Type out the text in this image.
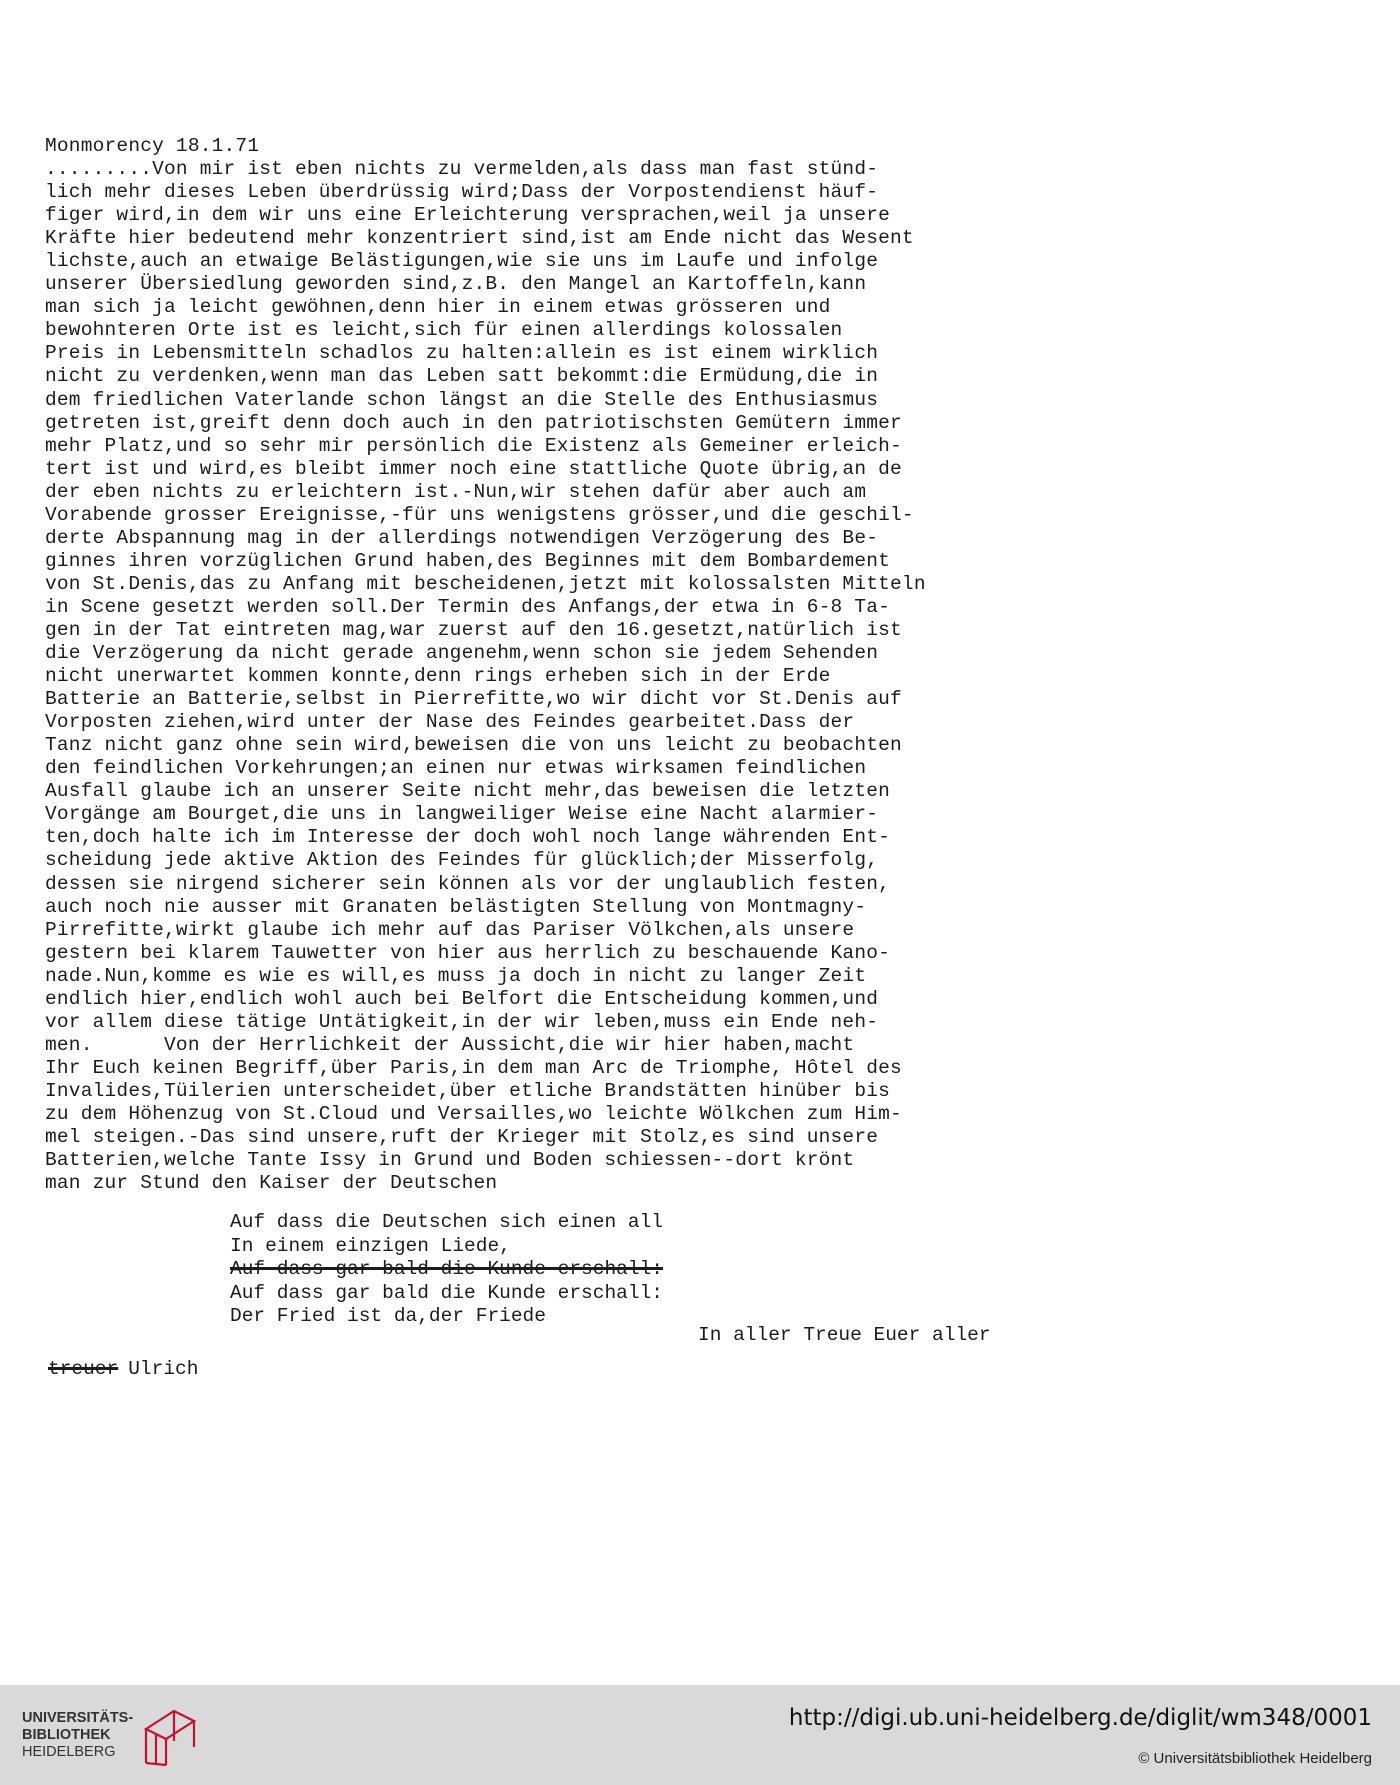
Monmorency 18.1.71
.........Von mir ist eben nichts zu vermelden,als dass man fast stünd-
lich mehr dieses Leben überdrüssig wird;Dass der Vorpostendienst häuf-
figer wird,in dem wir uns eine Erleichterung versprachen,weil ja unsere
Kräfte hier bedeutend mehr konzentriert sind,ist am Ende nicht das Wesent
lichste,auch an etwaige Belästigungen,wie sie uns im Laufe und infolge
unserer Übersiedlung geworden sind,z.B. den Mangel an Kartoffeln,kann
man sich ja leicht gewöhnen,denn hier in einem etwas grösseren und
bewohnteren Orte ist es leicht,sich für einen allerdings kolossalen
Preis in Lebensmitteln schadlos zu halten:allein es ist einem wirklich
nicht zu verdenken,wenn man das Leben satt bekommt:die Ermüdung,die in
dem friedlichen Vaterlande schon längst an die Stelle des Enthusiasmus
getreten ist,greift denn doch auch in den patriotischsten Gemütern immer
mehr Platz,und so sehr mir persönlich die Existenz als Gemeiner erleich-
tert ist und wird,es bleibt immer noch eine stattliche Quote übrig,an de
der eben nichts zu erleichtern ist.-Nun,wir stehen dafür aber auch am
Vorabende grosser Ereignisse,-für uns wenigstens grösser,und die geschil-
derte Abspannung mag in der allerdings notwendigen Verzögerung des Be-
ginnes ihren vorzüglichen Grund haben,des Beginnes mit dem Bombardement
von St.Denis,das zu Anfang mit bescheidenen,jetzt mit kolossalsten Mitteln
in Scene gesetzt werden soll.Der Termin des Anfangs,der etwa in 6-8 Ta-
gen in der Tat eintreten mag,war zuerst auf den 16.gesetzt,natürlich ist
die Verzögerung da nicht gerade angenehm,wenn schon sie jedem Sehenden
nicht unerwartet kommen konnte,denn rings erheben sich in der Erde
Batterie an Batterie,selbst in Pierrefitte,wo wir dicht vor St.Denis auf
Vorposten ziehen,wird unter der Nase des Feindes gearbeitet.Dass der
Tanz nicht ganz ohne sein wird,beweisen die von uns leicht zu beobachten
den feindlichen Vorkehrungen;an einen nur etwas wirksamen feindlichen
Ausfall glaube ich an unserer Seite nicht mehr,das beweisen die letzten
Vorgänge am Bourget,die uns in langweiliger Weise eine Nacht alarmier-
ten,doch halte ich im Interesse der doch wohl noch lange währenden Ent-
scheidung jede aktive Aktion des Feindes für glücklich;der Misserfolg,
dessen sie nirgend sicherer sein können als vor der unglaublich festen,
auch noch nie ausser mit Granaten belästigten Stellung von Montmagny-
Pirrefitte,wirkt glaube ich mehr auf das Pariser Völkchen,als unsere
gestern bei klarem Tauwetter von hier aus herrlich zu beschauende Kano-
nade.Nun,komme es wie es will,es muss ja doch in nicht zu langer Zeit
endlich hier,endlich wohl auch bei Belfort die Entscheidung kommen,und
vor allem diese tätige Untätigkeit,in der wir leben,muss ein Ende neh-
men.      Von der Herrlichkeit der Aussicht,die wir hier haben,macht
Ihr Euch keinen Begriff,über Paris,in dem man Arc de Triomphe, Hôtel des
Invalides,Tüilerien unterscheidet,über etliche Brandstätten hinüber bis
zu dem Höhenzug von St.Cloud und Versailles,wo leichte Wölkchen zum Him-
mel steigen.-Das sind unsere,ruft der Krieger mit Stolz,es sind unsere
Batterien,welche Tante Issy in Grund und Boden schiessen--dort krönt
man zur Stund den Kaiser der Deutschen
Auf dass die Deutschen sich einen all
In einem einzigen Liede,
Auf dass gar bald die Kunde erschall:
Auf dass gar bald die Kunde erschall:
Der Fried ist da,der Friede
In aller Treue Euer aller
treuer Ulrich
UNIVERSITÄTS-
BIBLIOTHEK
HEIDELBERG
http://digi.ub.uni-heidelberg.de/diglit/wm348/0001
© Universitätsbibliothek Heidelberg
